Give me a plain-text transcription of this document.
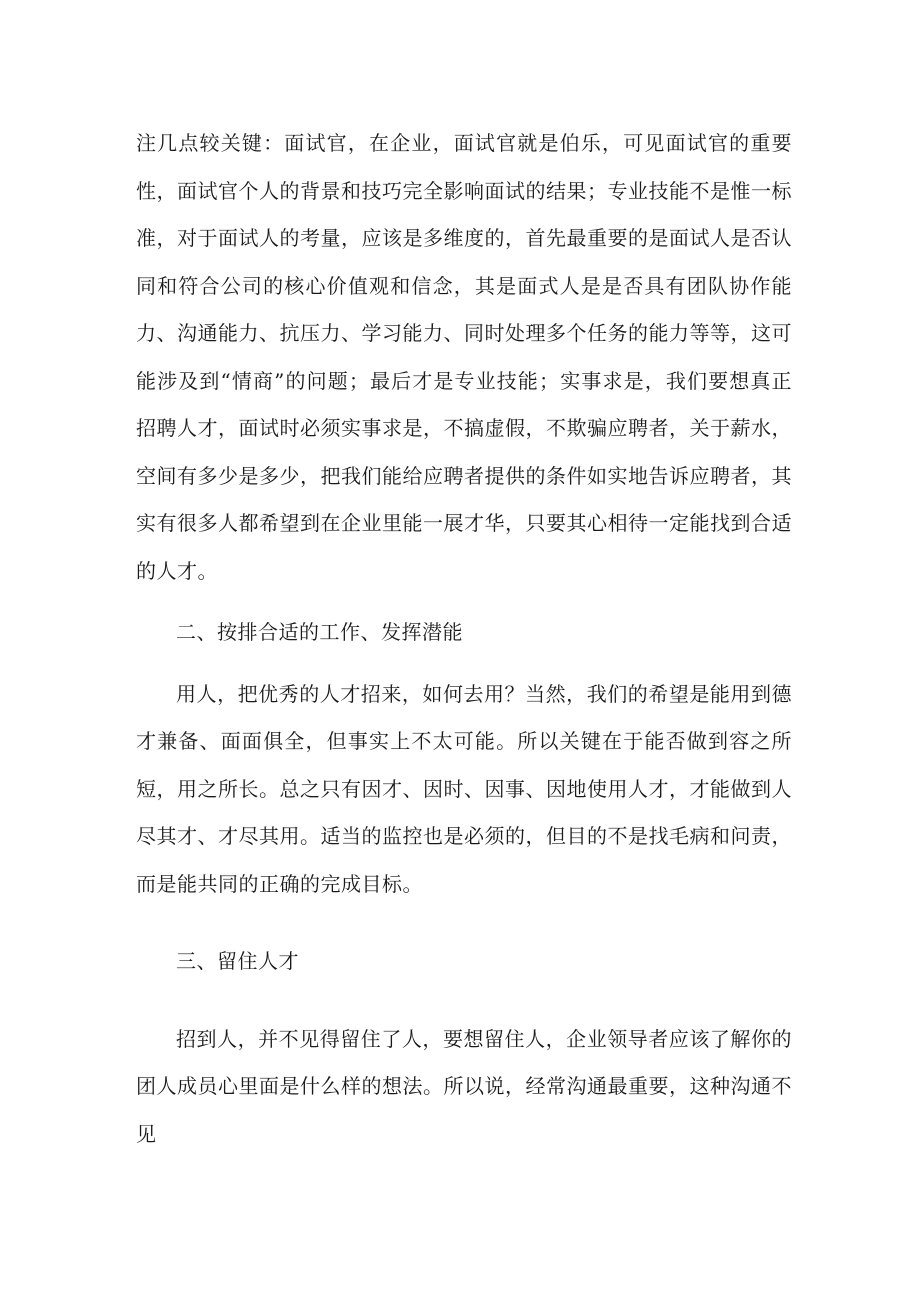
注几点较关键：面试官，在企业，面试官就是伯乐，可见面试官的重要性，面试官个人的背景和技巧完全影响面试的结果；专业技能不是惟一标准，对于面试人的考量，应该是多维度的，首先最重要的是面试人是否认同和符合公司的核心价值观和信念，其是面式人是是否具有团队协作能力、沟通能力、抗压力、学习能力、同时处理多个任务的能力等等，这可能涉及到“情商”的问题；最后才是专业技能；实事求是，我们要想真正招聘人才，面试时必须实事求是，不搞虚假，不欺骗应聘者，关于薪水，空间有多少是多少，把我们能给应聘者提供的条件如实地告诉应聘者，其实有很多人都希望到在企业里能一展才华，只要其心相待一定能找到合适的人才。

二、按排合适的工作、发挥潜能

用人，把优秀的人才招来，如何去用？当然，我们的希望是能用到德才兼备、面面俱全，但事实上不太可能。所以关键在于能否做到容之所短，用之所长。总之只有因才、因时、因事、因地使用人才，才能做到人尽其才、才尽其用。适当的监控也是必须的，但目的不是找毛病和问责，而是能共同的正确的完成目标。

三、留住人才

招到人，并不见得留住了人，要想留住人，企业领导者应该了解你的团人成员心里面是什么样的想法。所以说，经常沟通最重要，这种沟通不见
